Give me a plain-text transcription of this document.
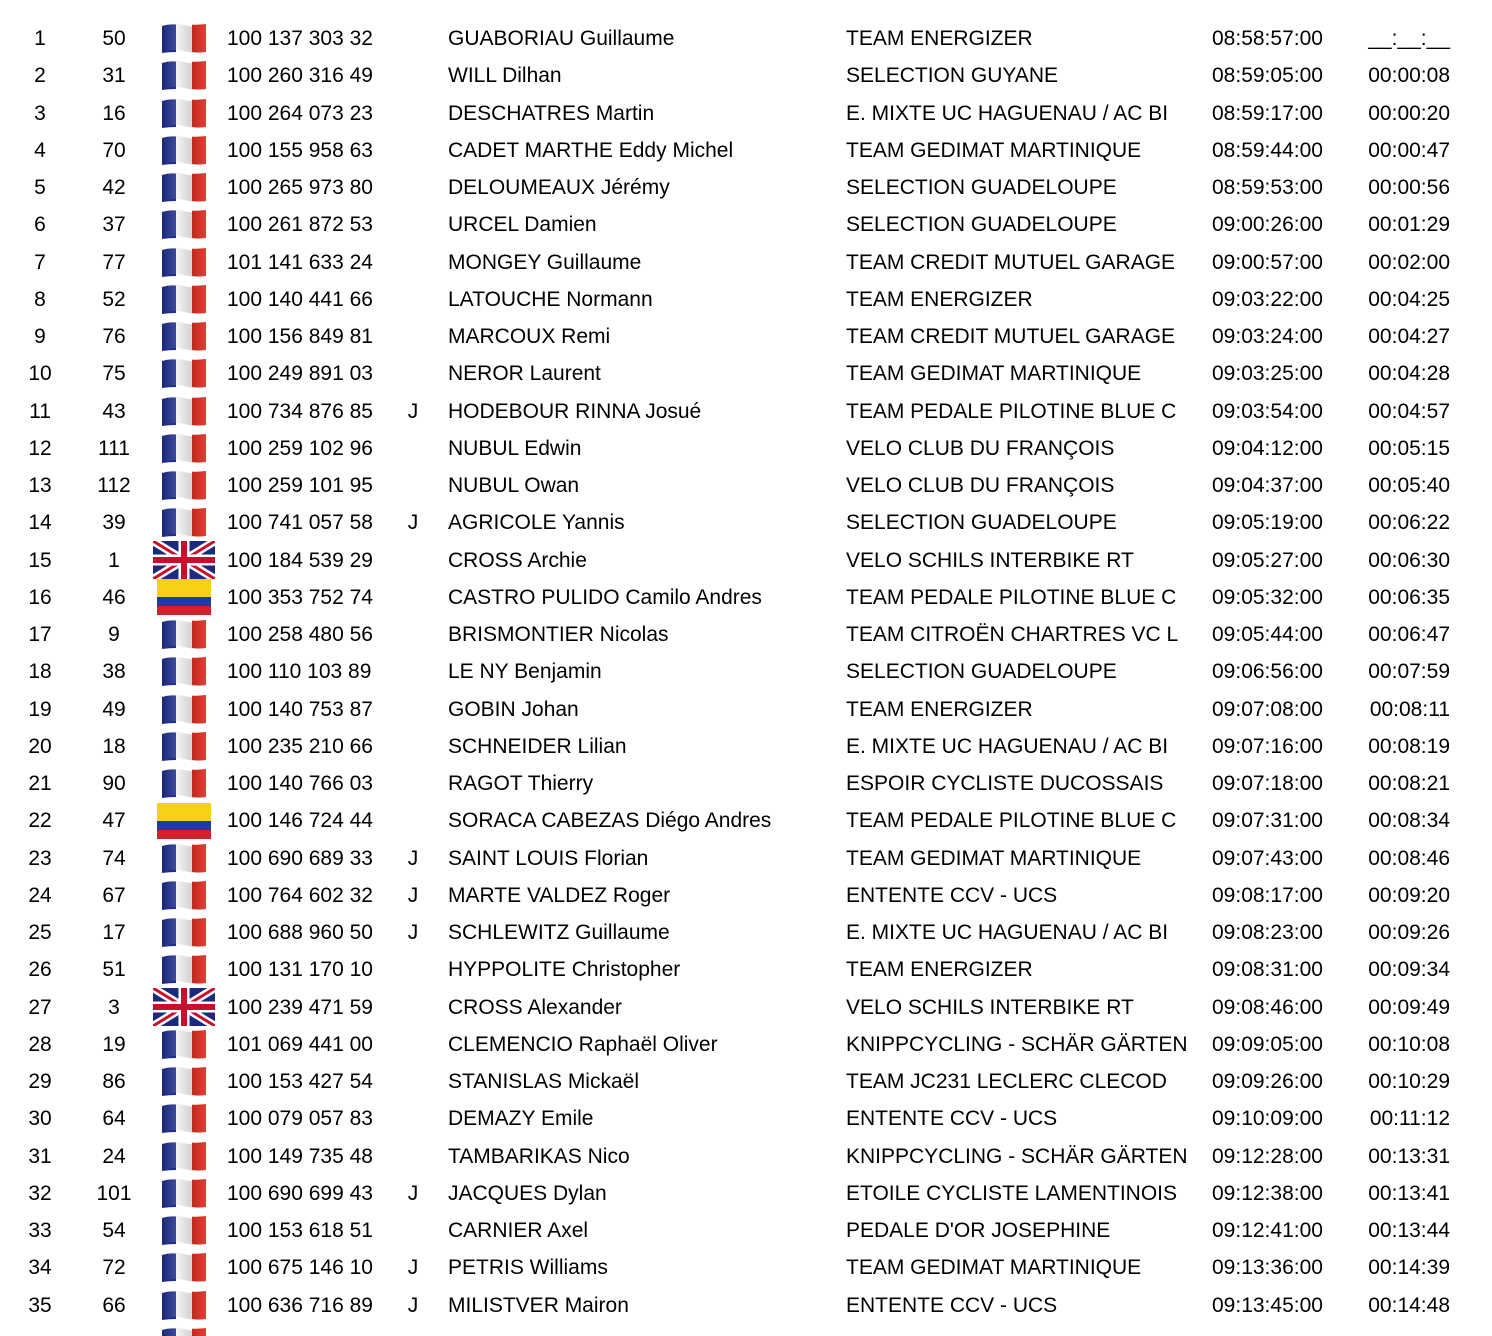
1	50	100 137 303 32	GUABORIAU Guillaume	TEAM ENERGIZER	08:58:57:00	__:__:__
2	31	100 260 316 49	WILL Dilhan	SELECTION GUYANE	08:59:05:00	00:00:08
3	16	100 264 073 23	DESCHATRES Martin	E. MIXTE UC HAGUENAU / AC BI 08:59:17:00	00:00:20
4	70	100 155 958 63	CADET MARTHE Eddy Michel	TEAM GEDIMAT MARTINIQUE	08:59:44:00	00:00:47
5	42	100 265 973 80	DELOUMEAUX Jérémy	SELECTION GUADELOUPE	08:59:53:00	00:00:56
6	37	100 261 872 53	URCEL Damien	SELECTION GUADELOUPE	09:00:26:00	00:01:29
7	77	101 141 633 24	MONGEY Guillaume	TEAM CREDIT MUTUEL GARAGE 09:00:57:00	00:02:00
8	52	100 140 441 66	LATOUCHE Normann	TEAM ENERGIZER	09:03:22:00	00:04:25
9	76	100 156 849 81	MARCOUX Remi	TEAM CREDIT MUTUEL GARAGE 09:03:24:00	00:04:27
10	75	100 249 891 03	NEROR Laurent	TEAM GEDIMAT MARTINIQUE	09:03:25:00	00:04:28
11	43	100 734 876 85	J	HODEBOUR RINNA Josué	TEAM PEDALE PILOTINE BLUE C 09:03:54:00	00:04:57
12	111	100 259 102 96	NUBUL Edwin	VELO CLUB DU FRANÇOIS	09:04:12:00	00:05:15
13	112	100 259 101 95	NUBUL Owan	VELO CLUB DU FRANÇOIS	09:04:37:00	00:05:40
14	39	100 741 057 58	J	AGRICOLE Yannis	SELECTION GUADELOUPE	09:05:19:00	00:06:22
15	1	100 184 539 29	CROSS Archie	VELO SCHILS INTERBIKE RT	09:05:27:00	00:06:30
16	46	100 353 752 74	CASTRO PULIDO Camilo Andres	TEAM PEDALE PILOTINE BLUE C 09:05:32:00	00:06:35
17	9	100 258 480 56	BRISMONTIER Nicolas	TEAM CITROËN CHARTRES VC L 09:05:44:00	00:06:47
18	38	100 110 103 89	LE NY Benjamin	SELECTION GUADELOUPE	09:06:56:00	00:07:59
19	49	100 140 753 87	GOBIN Johan	TEAM ENERGIZER	09:07:08:00	00:08:11
20	18	100 235 210 66	SCHNEIDER Lilian	E. MIXTE UC HAGUENAU / AC BI 09:07:16:00	00:08:19
21	90	100 140 766 03	RAGOT Thierry	ESPOIR CYCLISTE DUCOSSAIS 09:07:18:00	00:08:21
22	47	100 146 724 44	SORACA CABEZAS Diégo Andres	TEAM PEDALE PILOTINE BLUE C 09:07:31:00	00:08:34
23	74	100 690 689 33	J	SAINT LOUIS Florian	TEAM GEDIMAT MARTINIQUE	09:07:43:00	00:08:46
24	67	100 764 602 32	J	MARTE VALDEZ Roger	ENTENTE CCV - UCS	09:08:17:00	00:09:20
25	17	100 688 960 50	J	SCHLEWITZ Guillaume	E. MIXTE UC HAGUENAU / AC BI 09:08:23:00	00:09:26
26	51	100 131 170 10	HYPPOLITE Christopher	TEAM ENERGIZER	09:08:31:00	00:09:34
27	3	100 239 471 59	CROSS Alexander	VELO SCHILS INTERBIKE RT	09:08:46:00	00:09:49
28	19	101 069 441 00	CLEMENCIO Raphaël Oliver	KNIPPCYCLING - SCHÄR GÄRTEN 09:09:05:00	00:10:08
29	86	100 153 427 54	STANISLAS Mickaël	TEAM JC231 LECLERC CLECOD 09:09:26:00	00:10:29
30	64	100 079 057 83	DEMAZY Emile	ENTENTE CCV - UCS	09:10:09:00	00:11:12
31	24	100 149 735 48	TAMBARIKAS Nico	KNIPPCYCLING - SCHÄR GÄRTEN 09:12:28:00	00:13:31
32	101	100 690 699 43	J	JACQUES Dylan	ETOILE CYCLISTE LAMENTINOIS 09:12:38:00	00:13:41
33	54	100 153 618 51	CARNIER Axel	PEDALE D'OR JOSEPHINE	09:12:41:00	00:13:44
34	72	100 675 146 10	J	PETRIS Williams	TEAM GEDIMAT MARTINIQUE	09:13:36:00	00:14:39
35	66	100 636 716 89	J	MILISTVER Mairon	ENTENTE CCV - UCS	09:13:45:00	00:14:48
